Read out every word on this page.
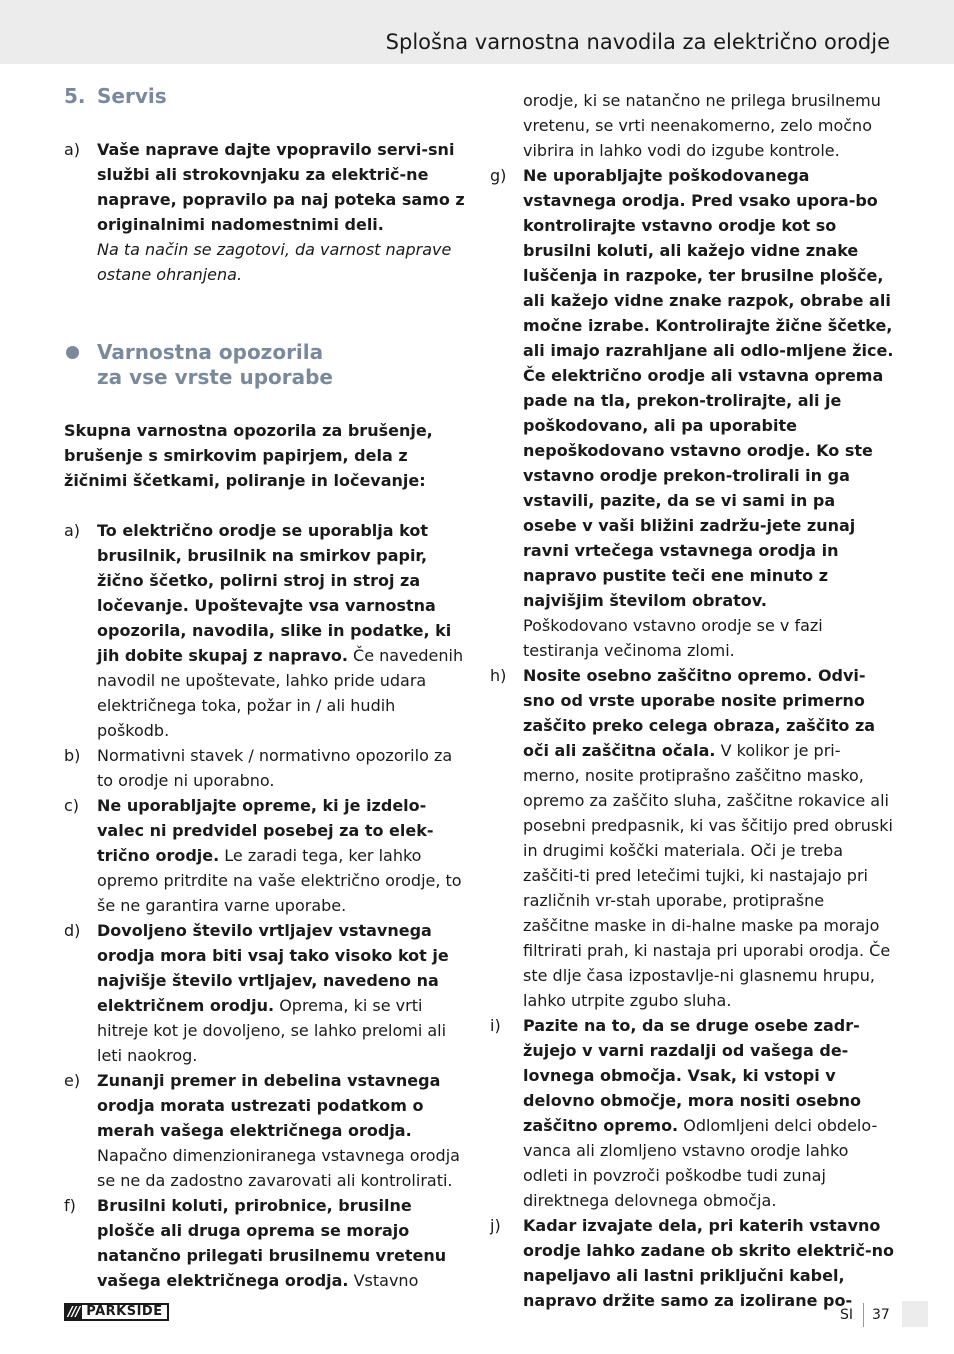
Splošna varnostna navodila za električno orodje
5. Servis
a)	Vaše naprave dajte vpopravilo servi-sni službi ali strokovnjaku za električ-ne naprave, popravilo pa naj poteka samo z originalnimi nadomestnimi deli.
Na ta način se zagotovi, da varnost naprave ostane ohranjena.
Varnostna opozorila
za vse vrste uporabe

Skupna varnostna opozorila za brušenje, brušenje s smirkovim papirjem, dela z žičnimi ščetkami, poliranje in ločevanje:

a)	To električno orodje se uporablja kot brusilnik, brusilnik na smirkov papir, žično ščetko, polirni stroj in stroj za ločevanje. Upoštevajte vsa varnostna opozorila, navodila, slike in podatke, ki jih dobite skupaj z napravo. Če navedenih navodil ne upoštevate, lahko pride udara električnega toka, požar in / ali hudih poškodb.
b)	Normativni stavek / normativno opozorilo za to orodje ni uporabno.
c)	Ne uporabljajte opreme, ki je izdelo-valec ni predvidel posebej za to elek-trično orodje. Le zaradi tega, ker lahko opremo pritrdite na vaše električno orodje, to še ne garantira varne uporabe.
d)	Dovoljeno število vrtljajev vstavnega orodja mora biti vsaj tako visoko kot je najvišje število vrtljajev, navedeno na električnem orodju. Oprema, ki se vrti hitreje kot je dovoljeno, se lahko prelomi ali leti naokrog.
e)	Zunanji premer in debelina vstavnega orodja morata ustrezati podatkom o merah vašega električnega orodja.
Napačno dimenzioniranega vstavnega orodja se ne da zadostno zavarovati ali kontrolirati.
f)	Brusilni koluti, prirobnice, brusilne plošče ali druga oprema se morajo natančno prilegati brusilnemu vretenu vašega električnega orodja. Vstavno
orodje, ki se natančno ne prilega brusilnemu vretenu, se vrti neenakomerno, zelo močno vibrira in lahko vodi do izgube kontrole.
g)	Ne uporabljajte poškodovanega vstavnega orodja. Pred vsako upora-bo kontrolirajte vstavno orodje kot so brusilni koluti, ali kažejo vidne znake luščenja in razpoke, ter brusilne plošče, ali kažejo vidne znake razpok, obrabe ali močne izrabe. Kontrolirajte žične ščetke, ali imajo razrahljane ali odlo-mljene žice. Če električno orodje ali vstavna oprema pade na tla, prekon-trolirajte, ali je poškodovano, ali pa uporabite nepoškodovano vstavno orodje. Ko ste vstavno orodje prekon-trolirali in ga vstavili, pazite, da se vi sami in pa osebe v vaši bližini zadržu-jete zunaj ravni vrtečega vstavnega orodja in napravo pustite teči ene minuto z najvišjim številom obratov.
Poškodovano vstavno orodje se v fazi testiranja večinoma zlomi.
h)	Nosite osebno zaščitno opremo. Odvi-sno od vrste uporabe nosite primerno zaščito preko celega obraza, zaščito za oči ali zaščitna očala. V kolikor je pri-merno, nosite protiprašno zaščitno masko, opremo za zaščito sluha, zaščitne rokavice ali posebni predpasnik, ki vas ščitijo pred obruski in drugimi koščki materiala. Oči je treba zaščiti-ti pred letečimi tujki, ki nastajajo pri različnih vr-stah uporabe, protiprašne zaščitne maske in di-halne maske pa morajo filtrirati prah, ki nastaja pri uporabi orodja. Če ste dlje časa izpostavlje-ni glasnemu hrupu, lahko utrpite zgubo sluha.
i)	Pazite na to, da se druge osebe zadr-žujejo v varni razdalji od vašega de-lovnega območja. Vsak, ki vstopi v delovno območje, mora nositi osebno zaščitno opremo. Odlomljeni delci obdelo-vanca ali zlomljeno vstavno orodje lahko odleti in povzroči poškodbe tudi zunaj direktnega delovnega območja.
j)	Kadar izvajate dela, pri katerih vstavno orodje lahko zadane ob skrito električ-no napeljavo ali lastni priključni kabel, napravo držite samo za izolirane po-
/// PARKSIDE	SI	37
